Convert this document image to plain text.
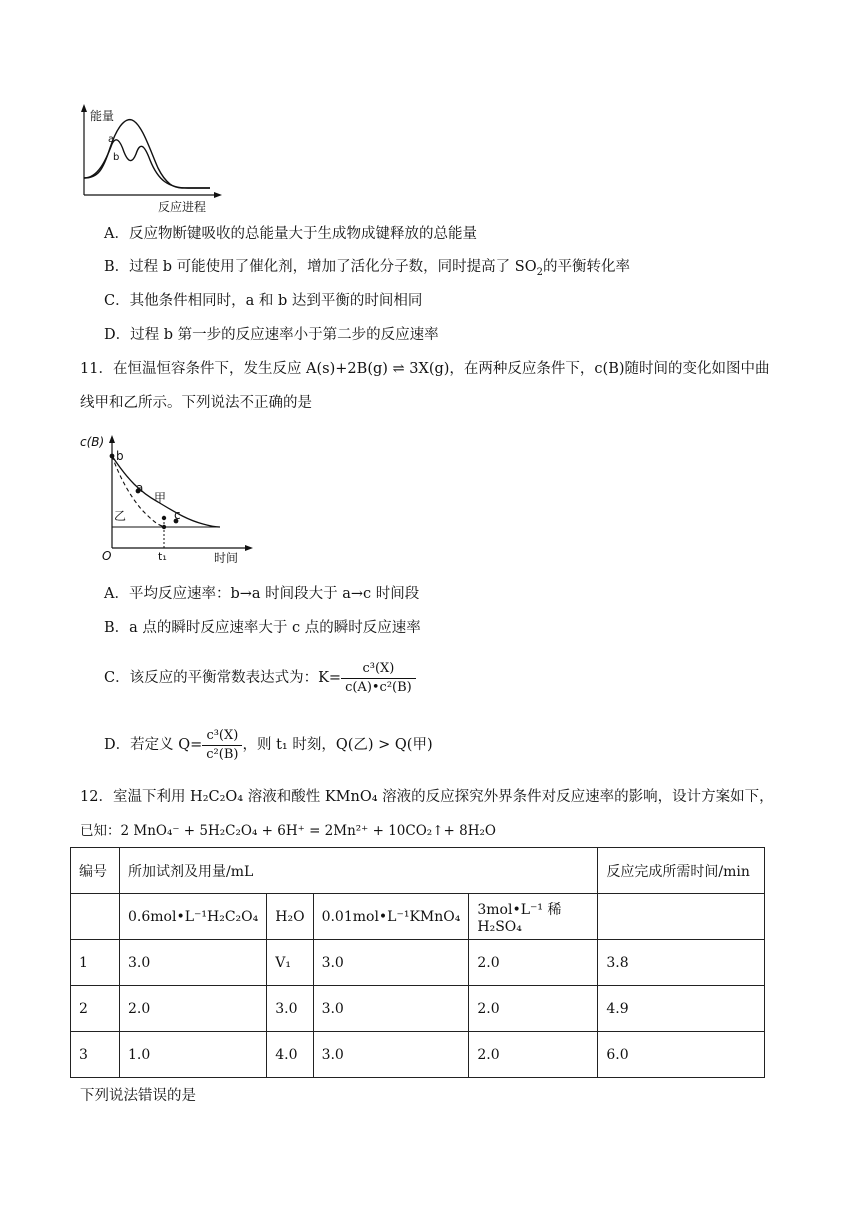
a
b
能量
反应进程
A．反应物断键吸收的总能量大于生成物成键释放的总能量
B．过程 b 可能使用了催化剂，增加了活化分子数，同时提高了 $SO_2$的平衡转化率
C．其他条件相同时，a 和 b 达到平衡的时间相同
D．过程 b 第一步的反应速率小于第二步的反应速率
11．在恒温恒容条件下，发生反应 A(s)+2B(g) ⇌ 3X(g)，在两种反应条件下，c(B)随时间的变化如图中曲
线甲和乙所示。下列说法不正确的是
c(B)
b
a
甲
c
乙
O	t₁	时间
A．平均反应速率：b→a 时间段大于 a→c 时间段
B．a 点的瞬时反应速率大于 c 点的瞬时反应速率
C．该反应的平衡常数表达式为：$K= \frac{\text{c³(X)}}{\text{c(A)•c²(B)}}$
D．若定义 $Q= \frac{\text{c³(X)}}{\text{c²(B)}}$ ，则 t₁ 时刻，Q(乙) > Q(甲)
12．室温下利用 H₂C₂O₄ 溶液和酸性 KMnO₄ 溶液的反应探究外界条件对反应速率的影响，设计方案如下，
已知：2 MnO₄⁻ + 5H₂C₂O₄ + 6H⁺ = 2Mn²⁺ + 10CO₂↑+ 8H₂O
编号	所加试剂及用量/mL				反应完成所需时间/min
	0.6mol•L⁻¹H₂C₂O₄	H₂O	0.01mol•L⁻¹KMnO₄	3mol•L⁻¹ 稀 H₂SO₄	
1	3.0	V₁	3.0	2.0	3.8
2	2.0	3.0	3.0	2.0	4.9
3	1.0	4.0	3.0	2.0	6.0
下列说法错误的是
